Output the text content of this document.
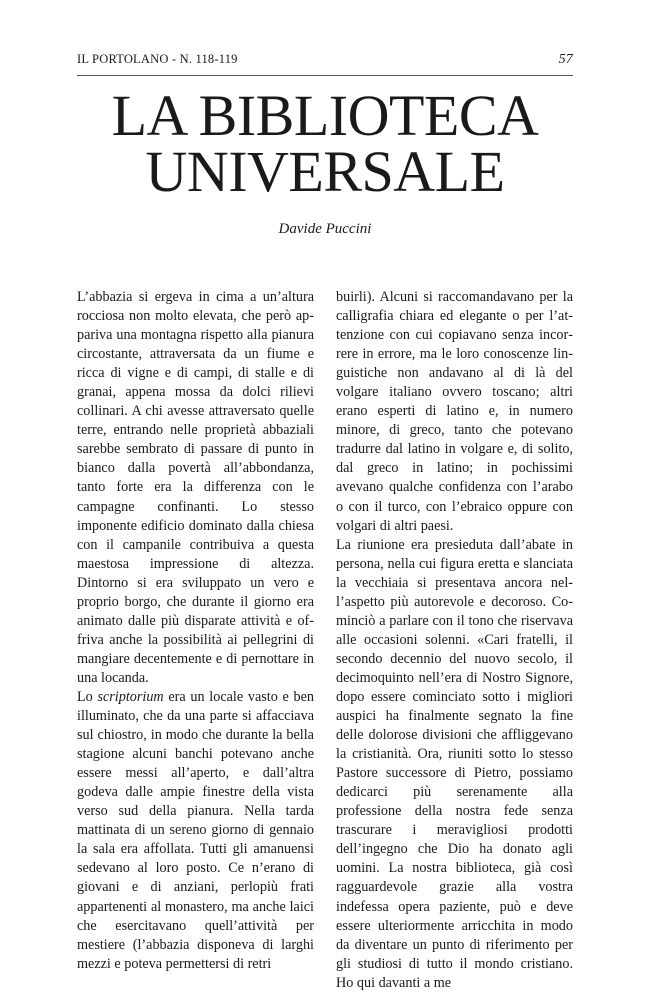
IL PORTOLANO - N. 118-119	57
LA BIBLIOTECA
UNIVERSALE
Davide Puccini

L’abbazia si ergeva in cima a un’altura rocciosa non molto elevata, che però appariva una montagna rispetto alla pianura circostante, attraversata da un fiume e ricca di vigne e di campi, di stalle e di granai, appena mossa da dolci rilievi collinari. A chi avesse attraversato quelle terre, entrando nelle proprietà abbaziali sarebbe sembrato di passare di punto in bianco dalla povertà all’abbondanza, tanto forte era la differenza con le campagne confinanti. Lo stesso imponente edificio dominato dalla chiesa con il campanile contribuiva a questa maestosa impressione di altezza. Dintorno si era sviluppato un vero e proprio borgo, che durante il giorno era animato dalle più disparate attività e offriva anche la possibilità ai pellegrini di mangiare decentemente e di pernottare in una locanda.

Lo scriptorium era un locale vasto e ben illuminato, che da una parte si affacciava sul chiostro, in modo che durante la bella stagione alcuni banchi potevano anche essere messi all’aperto, e dall’altra godeva dalle ampie finestre della vista verso sud della pianura. Nella tarda mattinata di un sereno giorno di gennaio la sala era affollata. Tutti gli amanuensi sedevano al loro posto. Ce n’erano di giovani e di anziani, perlopiù frati appartenenti al monastero, ma anche laici che esercitavano quell’attività per mestiere (l’abbazia disponeva di larghi mezzi e poteva permettersi di retri

buirli). Alcuni si raccomandavano per la calligrafia chiara ed elegante o per l’attenzione con cui copiavano senza incorrere in errore, ma le loro conoscenze linguistiche non andavano al di là del volgare italiano ovvero toscano; altri erano esperti di latino e, in numero minore, di greco, tanto che potevano tradurre dal latino in volgare e, di solito, dal greco in latino; in pochissimi avevano qualche confidenza con l’arabo o con il turco, con l’ebraico oppure con volgari di altri paesi.

La riunione era presieduta dall’abate in persona, nella cui figura eretta e slanciata la vecchiaia si presentava ancora nell’aspetto più autorevole e decoroso. Cominciò a parlare con il tono che riservava alle occasioni solenni. «Cari fratelli, il secondo decennio del nuovo secolo, il decimoquinto nell’era di Nostro Signore, dopo essere cominciato sotto i migliori auspici ha finalmente segnato la fine delle dolorose divisioni che affliggevano la cristianità. Ora, riuniti sotto lo stesso Pastore successore di Pietro, possiamo dedicarci più serenamente alla professione della nostra fede senza trascurare i meravigliosi prodotti dell’ingegno che Dio ha donato agli uomini. La nostra biblioteca, già così ragguardevole grazie alla vostra indefessa opera paziente, può e deve essere ulteriormente arricchita in modo da diventare un punto di riferimento per gli studiosi di tutto il mondo cristiano. Ho qui davanti a me
